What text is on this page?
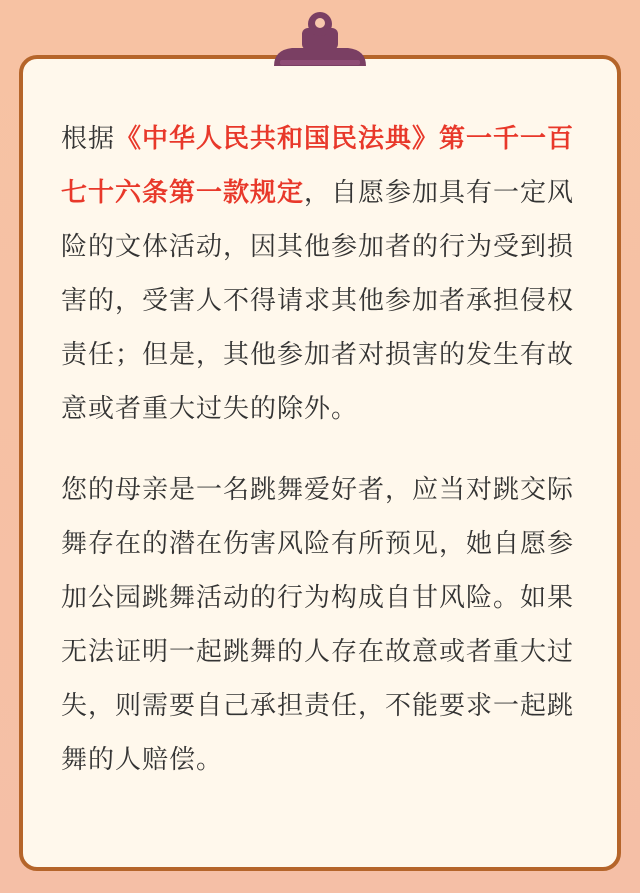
根据《中华人民共和国民法典》第一千一百七十六条第一款规定，自愿参加具有一定风险的文体活动，因其他参加者的行为受到损害的，受害人不得请求其他参加者承担侵权责任；但是，其他参加者对损害的发生有故意或者重大过失的除外。

您的母亲是一名跳舞爱好者，应当对跳交际舞存在的潜在伤害风险有所预见，她自愿参加公园跳舞活动的行为构成自甘风险。如果无法证明一起跳舞的人存在故意或者重大过失，则需要自己承担责任，不能要求一起跳舞的人赔偿。
